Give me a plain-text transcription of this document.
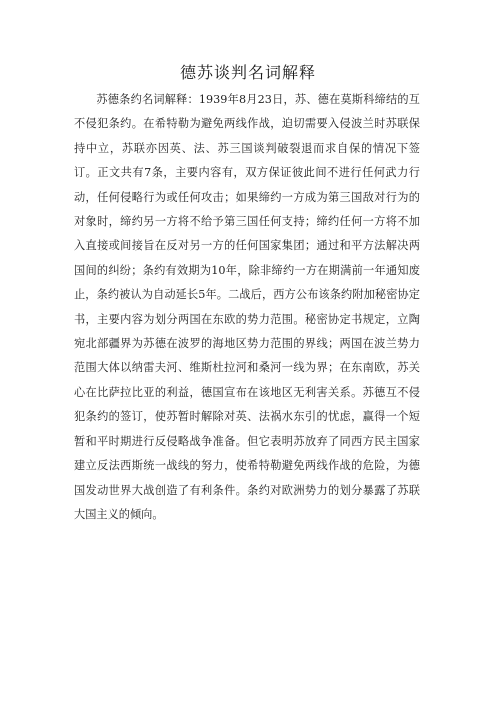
德苏谈判名词解释

苏德条约名词解释：1939年8月23日，苏、德在莫斯科缔结的互不侵犯条约。在希特勒为避免两线作战，迫切需要入侵波兰时苏联保持中立，苏联亦因英、法、苏三国谈判破裂退而求自保的情况下签订。正文共有7条，主要内容有，双方保证彼此间不进行任何武力行动，任何侵略行为或任何攻击；如果缔约一方成为第三国敌对行为的对象时，缔约另一方将不给予第三国任何支持；缔约任何一方将不加入直接或间接旨在反对另一方的任何国家集团；通过和平方法解决两国间的纠纷；条约有效期为10年，除非缔约一方在期满前一年通知废止，条约被认为自动延长5年。二战后，西方公布该条约附加秘密协定书，主要内容为划分两国在东欧的势力范围。秘密协定书规定，立陶宛北部疆界为苏德在波罗的海地区势力范围的界线；两国在波兰势力范围大体以纳雷夫河、维斯杜拉河和桑河一线为界；在东南欧，苏关心在比萨拉比亚的利益，德国宣布在该地区无利害关系。苏德互不侵犯条约的签订，使苏暂时解除对英、法祸水东引的忧虑，赢得一个短暂和平时期进行反侵略战争准备。但它表明苏放弃了同西方民主国家建立反法西斯统一战线的努力，使希特勒避免两线作战的危险，为德国发动世界大战创造了有利条件。条约对欧洲势力的划分暴露了苏联大国主义的倾向。
